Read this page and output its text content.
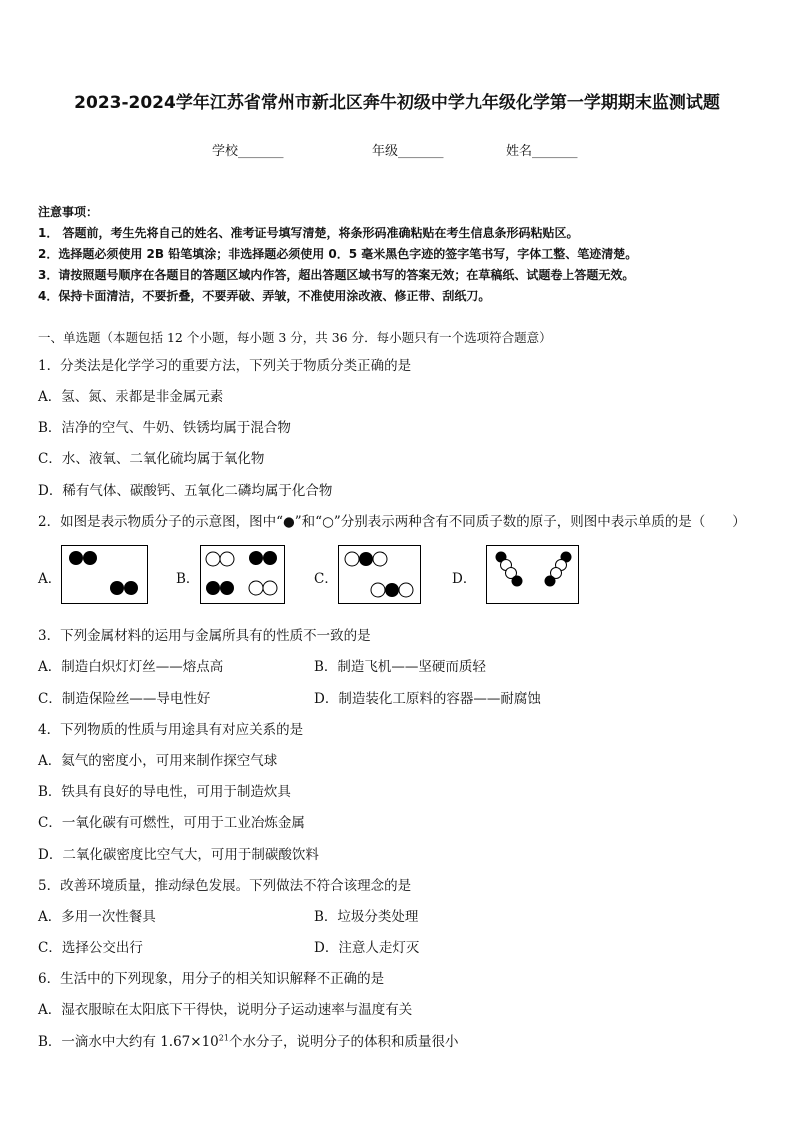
2023-2024学年江苏省常州市新北区奔牛初级中学九年级化学第一学期期末监测试题
学校_______	年级_______	姓名_______
注意事项：
1． 答题前，考生先将自己的姓名、准考证号填写清楚，将条形码准确粘贴在考生信息条形码粘贴区。
2．选择题必须使用 2B 铅笔填涂；非选择题必须使用 0．5 毫米黑色字迹的签字笔书写，字体工整、笔迹清楚。
3．请按照题号顺序在各题目的答题区域内作答，超出答题区域书写的答案无效；在草稿纸、试题卷上答题无效。
4．保持卡面清洁，不要折叠，不要弄破、弄皱，不准使用涂改液、修正带、刮纸刀。
一、单选题（本题包括 12 个小题，每小题 3 分，共 36 分．每小题只有一个选项符合题意）
1．分类法是化学学习的重要方法，下列关于物质分类正确的是
A．氢、氮、汞都是非金属元素
B．洁净的空气、牛奶、铁锈均属于混合物
C．水、液氧、二氧化硫均属于氧化物
D．稀有气体、碳酸钙、五氧化二磷均属于化合物
2．如图是表示物质分子的示意图，图中“●”和“○”分别表示两种含有不同质子数的原子，则图中表示单质的是（　　）
A．	B．	C．	D．
3．下列金属材料的运用与金属所具有的性质不一致的是
A．制造白炽灯灯丝——熔点高	B．制造飞机——坚硬而质轻
C．制造保险丝——导电性好	D．制造装化工原料的容器——耐腐蚀
4．下列物质的性质与用途具有对应关系的是
A．氦气的密度小，可用来制作探空气球
B．铁具有良好的导电性，可用于制造炊具
C．一氧化碳有可燃性，可用于工业冶炼金属
D．二氧化碳密度比空气大，可用于制碳酸饮料
5．改善环境质量，推动绿色发展。下列做法不符合该理念的是
A．多用一次性餐具	B．垃圾分类处理
C．选择公交出行	D．注意人走灯灭
6．生活中的下列现象，用分子的相关知识解释不正确的是
A．湿衣服晾在太阳底下干得快，说明分子运动速率与温度有关
B．一滴水中大约有 $1.67\times 10^{21}$个水分子，说明分子的体积和质量很小
